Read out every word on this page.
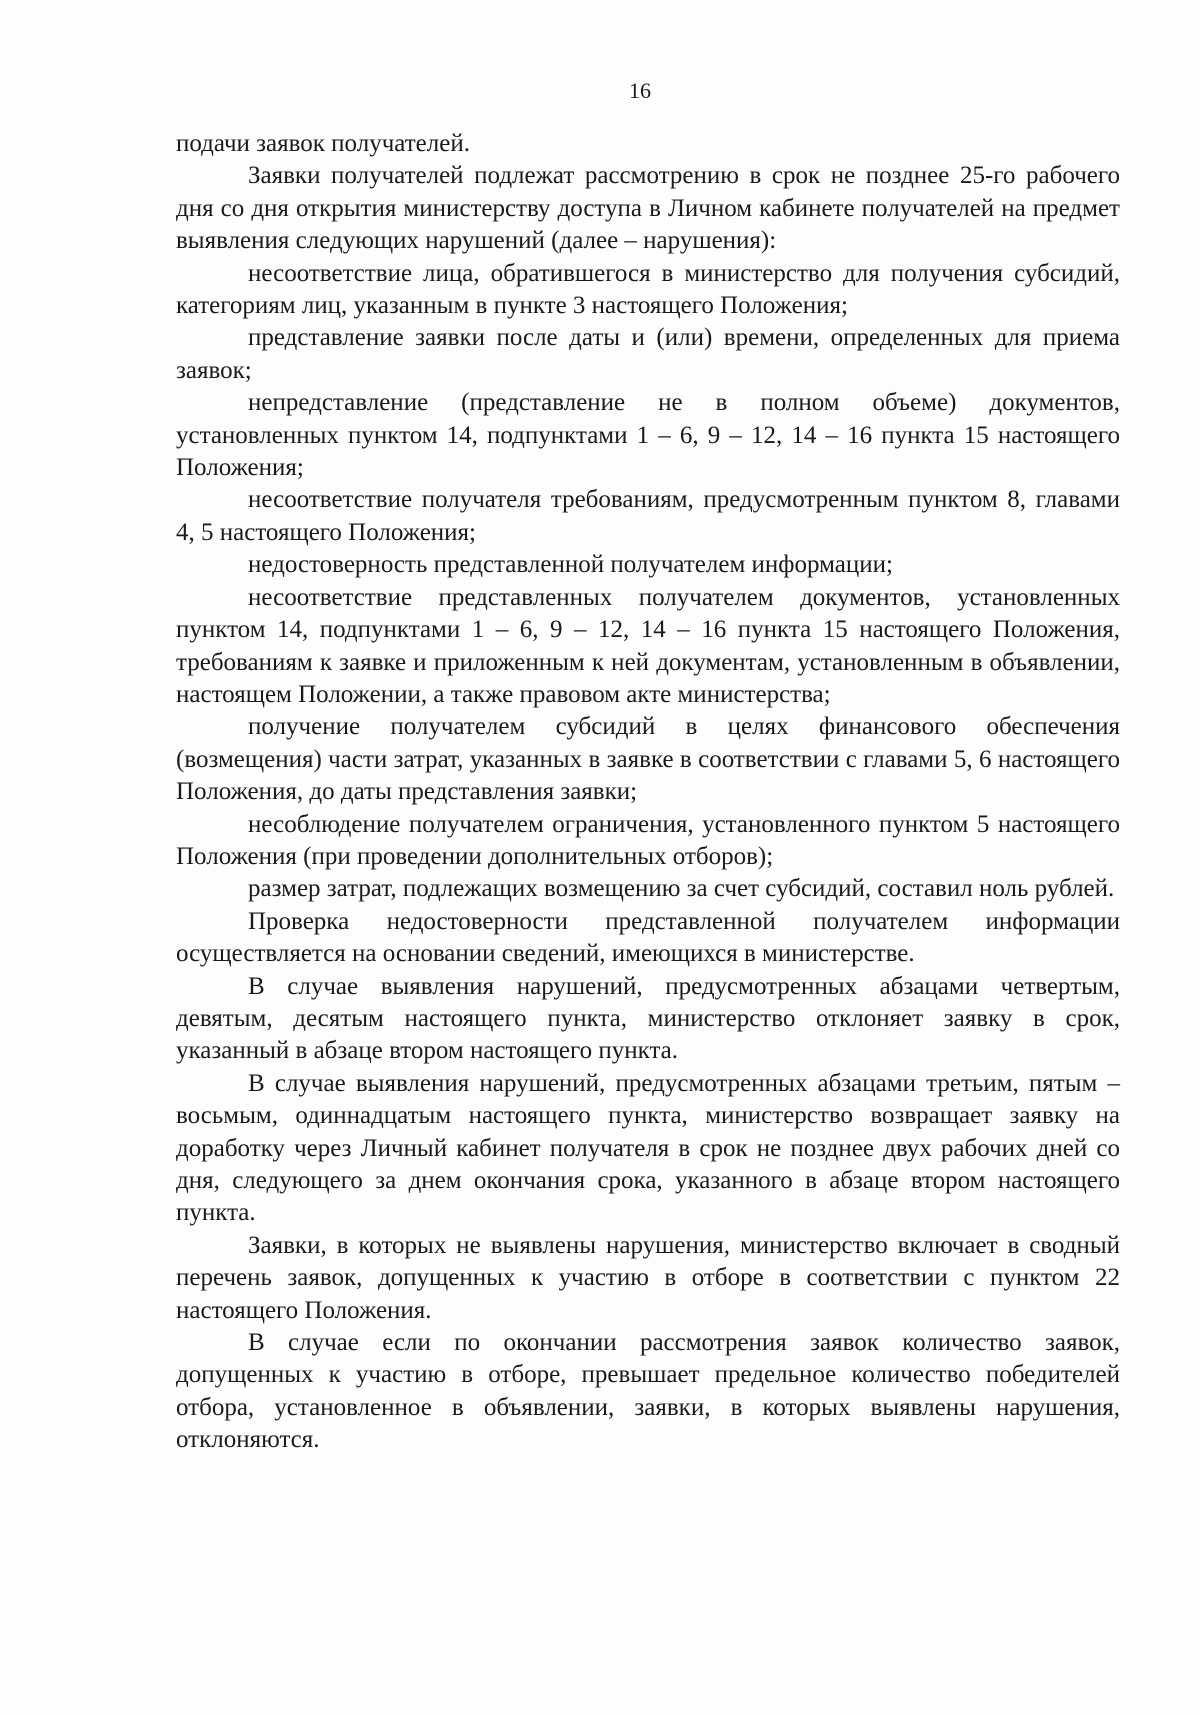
16

подачи заявок получателей.

Заявки получателей подлежат рассмотрению в срок не позднее 25-го рабочего дня со дня открытия министерству доступа в Личном кабинете получателей на предмет выявления следующих нарушений (далее – нарушения):

несоответствие лица, обратившегося в министерство для получения субсидий, категориям лиц, указанным в пункте 3 настоящего Положения;

представление заявки после даты и (или) времени, определенных для приема заявок;

непредставление (представление не в полном объеме) документов, установленных пунктом 14, подпунктами 1 – 6, 9 – 12, 14 – 16 пункта 15 настоящего Положения;

несоответствие получателя требованиям, предусмотренным пунктом 8, главами 4, 5 настоящего Положения;

недостоверность представленной получателем информации;

несоответствие представленных получателем документов, установленных пунктом 14, подпунктами 1 – 6, 9 – 12, 14 – 16 пункта 15 настоящего Положения, требованиям к заявке и приложенным к ней документам, установленным в объявлении, настоящем Положении, а также правовом акте министерства;

получение получателем субсидий в целях финансового обеспечения (возмещения) части затрат, указанных в заявке в соответствии с главами 5, 6 настоящего Положения, до даты представления заявки;

несоблюдение получателем ограничения, установленного пунктом 5 настоящего Положения (при проведении дополнительных отборов);

размер затрат, подлежащих возмещению за счет субсидий, составил ноль рублей.

Проверка недостоверности представленной получателем информации осуществляется на основании сведений, имеющихся в министерстве.

В случае выявления нарушений, предусмотренных абзацами четвертым, девятым, десятым настоящего пункта, министерство отклоняет заявку в срок, указанный в абзаце втором настоящего пункта.

В случае выявления нарушений, предусмотренных абзацами третьим, пятым – восьмым, одиннадцатым настоящего пункта, министерство возвращает заявку на доработку через Личный кабинет получателя в срок не позднее двух рабочих дней со дня, следующего за днем окончания срока, указанного в абзаце втором настоящего пункта.

Заявки, в которых не выявлены нарушения, министерство включает в сводный перечень заявок, допущенных к участию в отборе в соответствии с пунктом 22 настоящего Положения.

В случае если по окончании рассмотрения заявок количество заявок, допущенных к участию в отборе, превышает предельное количество победителей отбора, установленное в объявлении, заявки, в которых выявлены нарушения, отклоняются.
